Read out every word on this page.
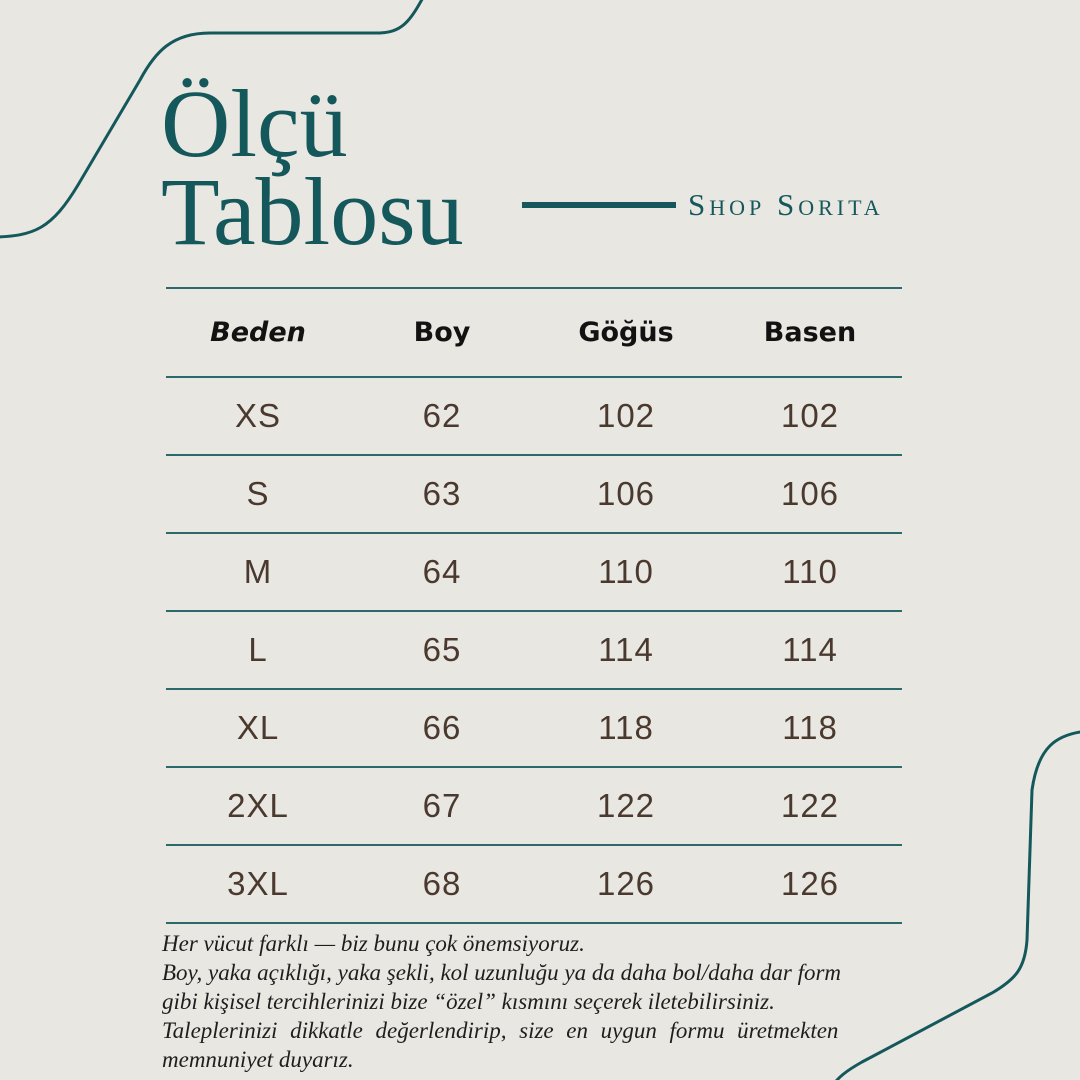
Ölçü
Tablosu	Shop Sorita
Beden	Boy	Göğüs	Basen
XS	62	102	102
S	63	106	106
M	64	110	110
L	65	114	114
XL	66	118	118
2XL	67	122	122
3XL	68	126	126
Her vücut farklı — biz bunu çok önemsiyoruz.
Boy, yaka açıklığı, yaka şekli, kol uzunluğu ya da daha bol/daha dar form
gibi kişisel tercihlerinizi bize “özel” kısmını seçerek iletebilirsiniz.
Taleplerinizi dikkatle değerlendirip, size en uygun formu üretmekten
memnuniyet duyarız.
